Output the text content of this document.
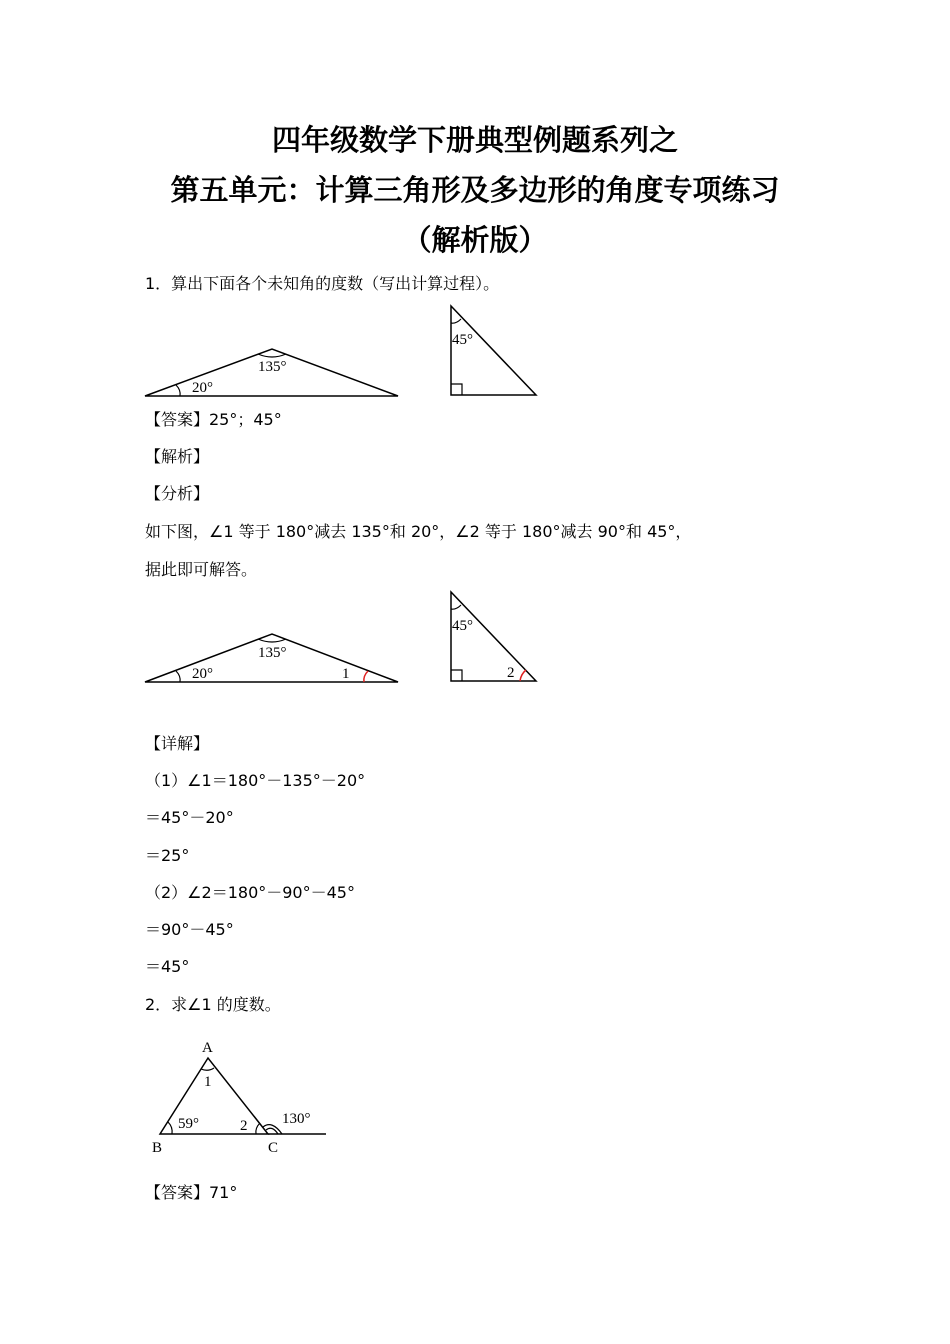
四年级数学下册典型例题系列之
第五单元：计算三角形及多边形的角度专项练习
（解析版）
1．算出下面各个未知角的度数（写出计算过程）。
135°
20°
45°
【答案】25°；45°
【解析】
【分析】
如下图，∠1 等于 180°减去 135°和 20°，∠2 等于 180°减去 90°和 45°，
据此即可解答。
135°
20°	1
45°
2
【详解】
（1）∠1＝180°－135°－20°
＝45°－20°
＝25°
（2）∠2＝180°－90°－45°
＝90°－45°
＝45°
2．求∠1 的度数。
A
B	C
1
2
59°	130°
【答案】71°
